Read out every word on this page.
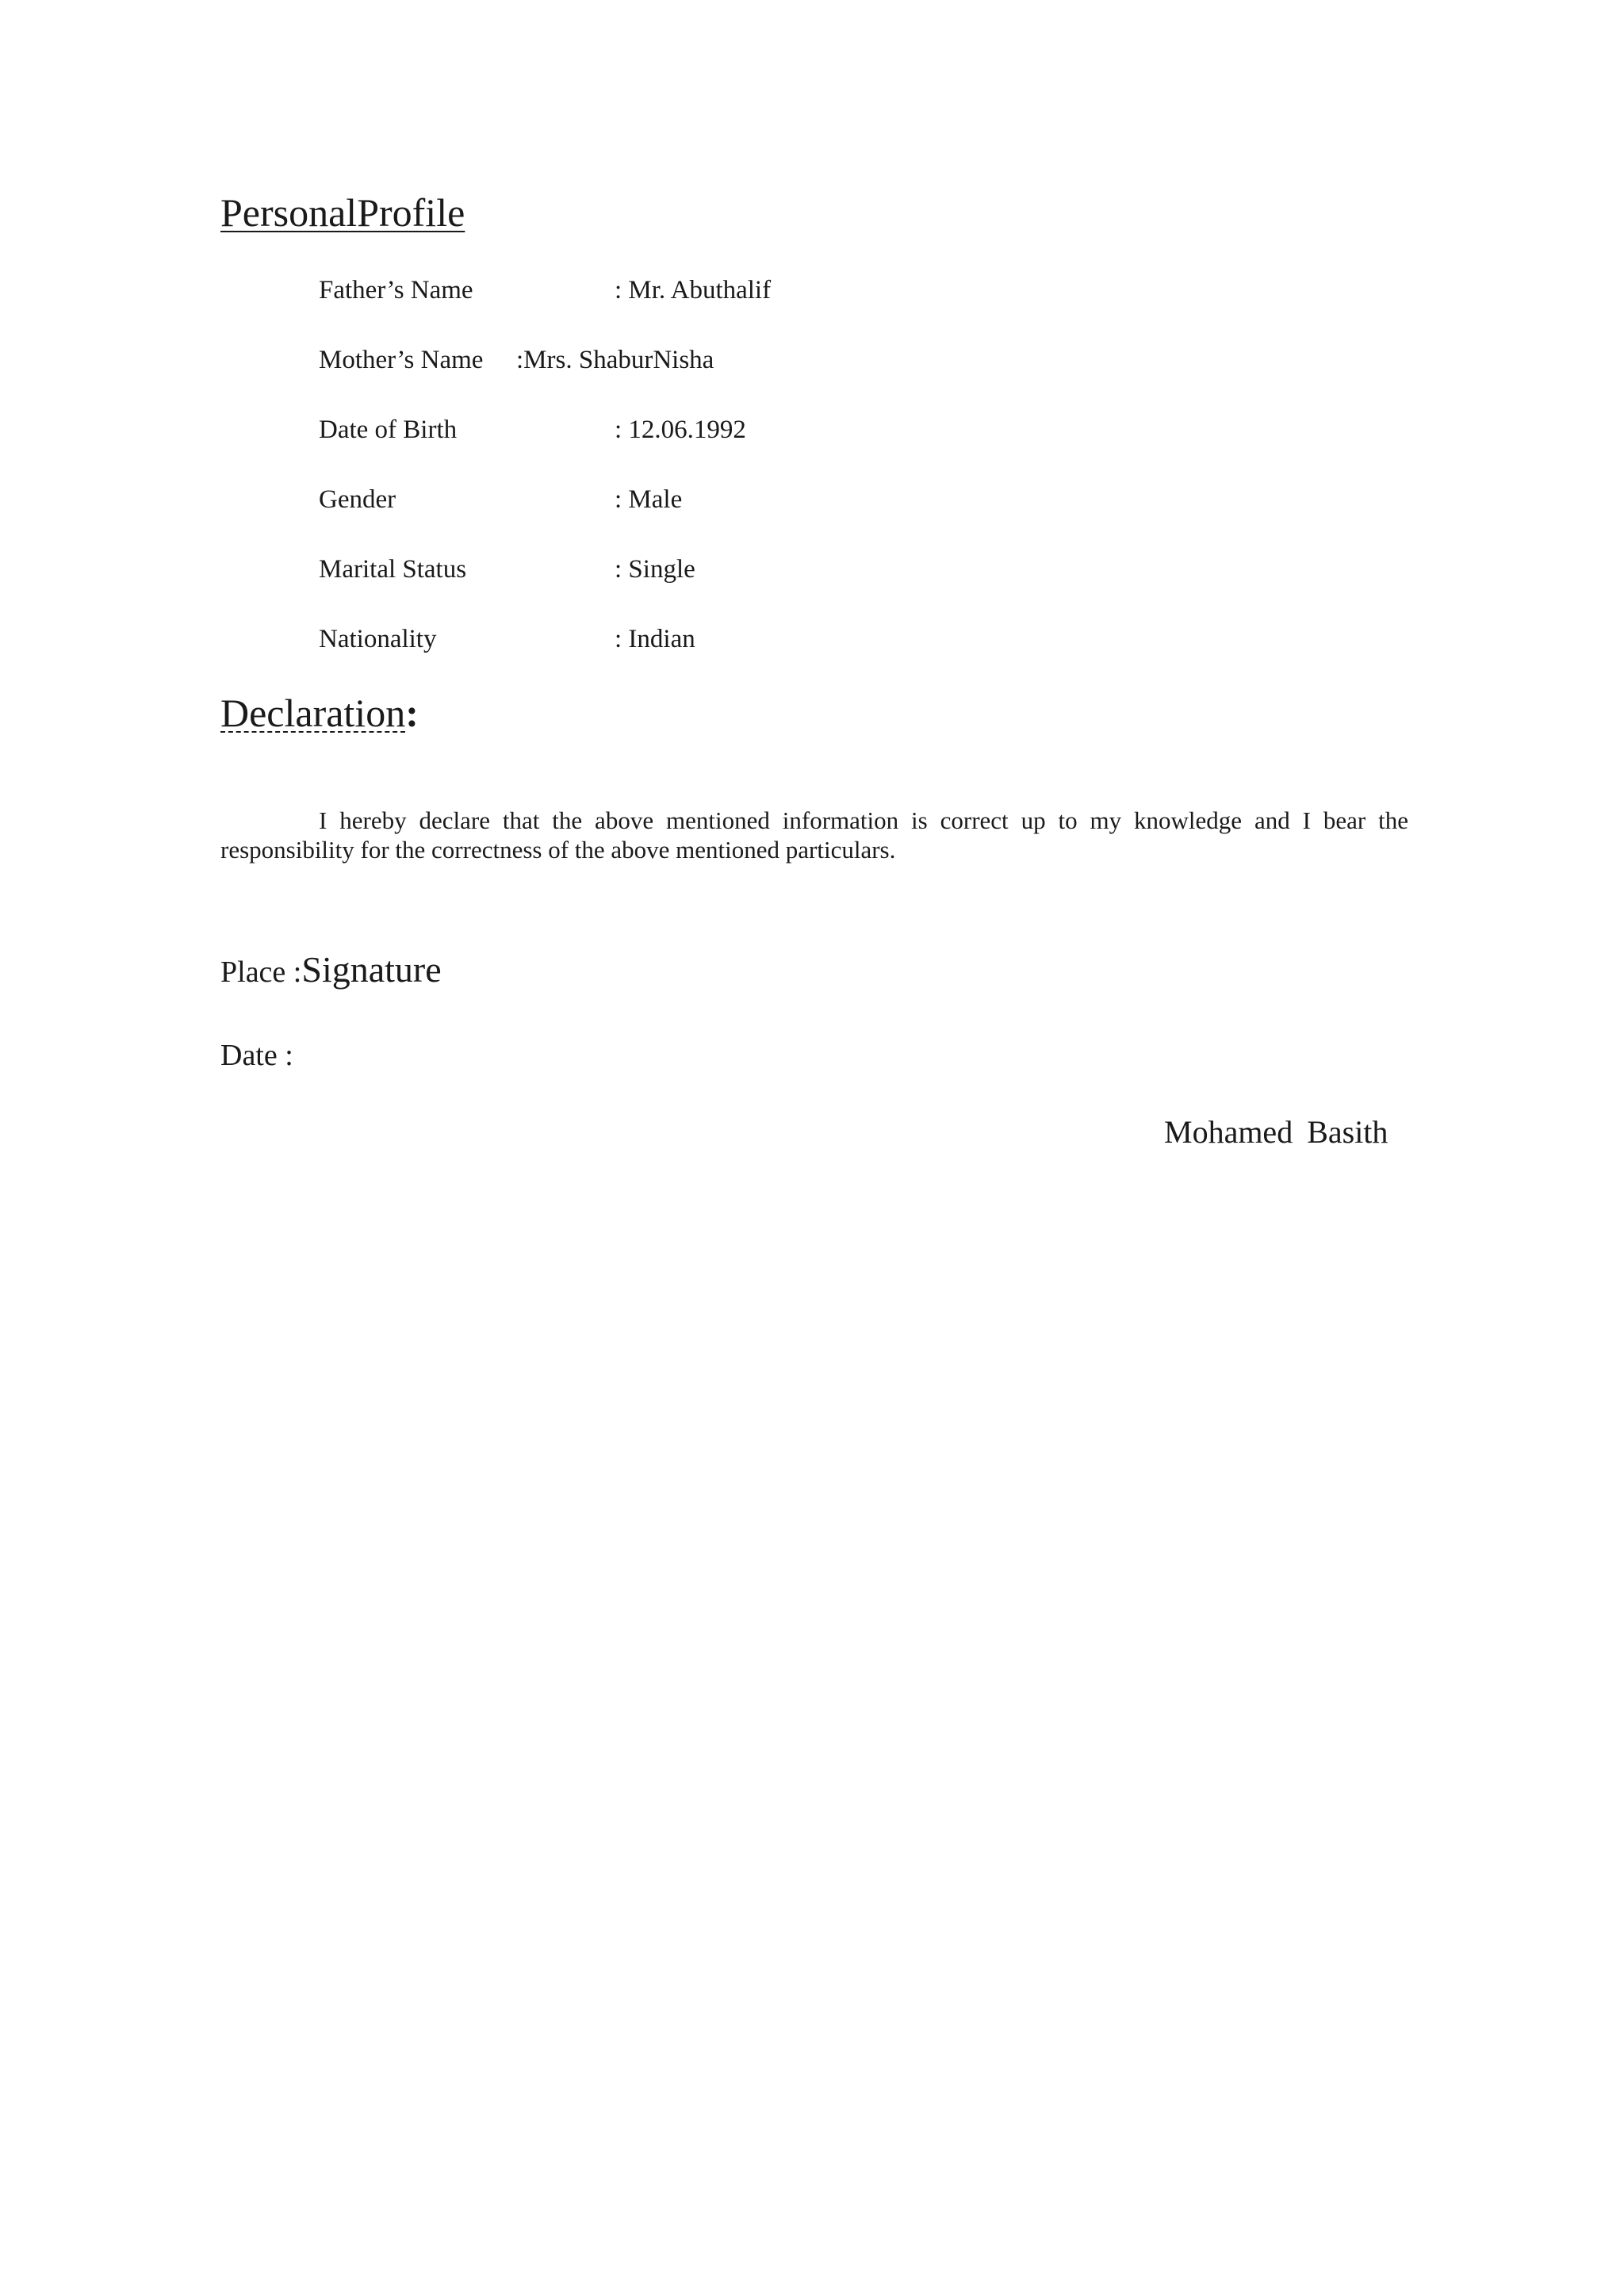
PersonalProfile
Father’s Name	: Mr. Abuthalif
Mother’s Name :Mrs. ShaburNisha
Date of Birth	: 12.06.1992
Gender	: Male
Marital Status	: Single
Nationality	: Indian
Declaration:

I hereby declare that the above mentioned information is correct up to my knowledge and I bear the responsibility for the correctness of the above mentioned particulars.

Place :Signature
Date :
Mohamed Basith
